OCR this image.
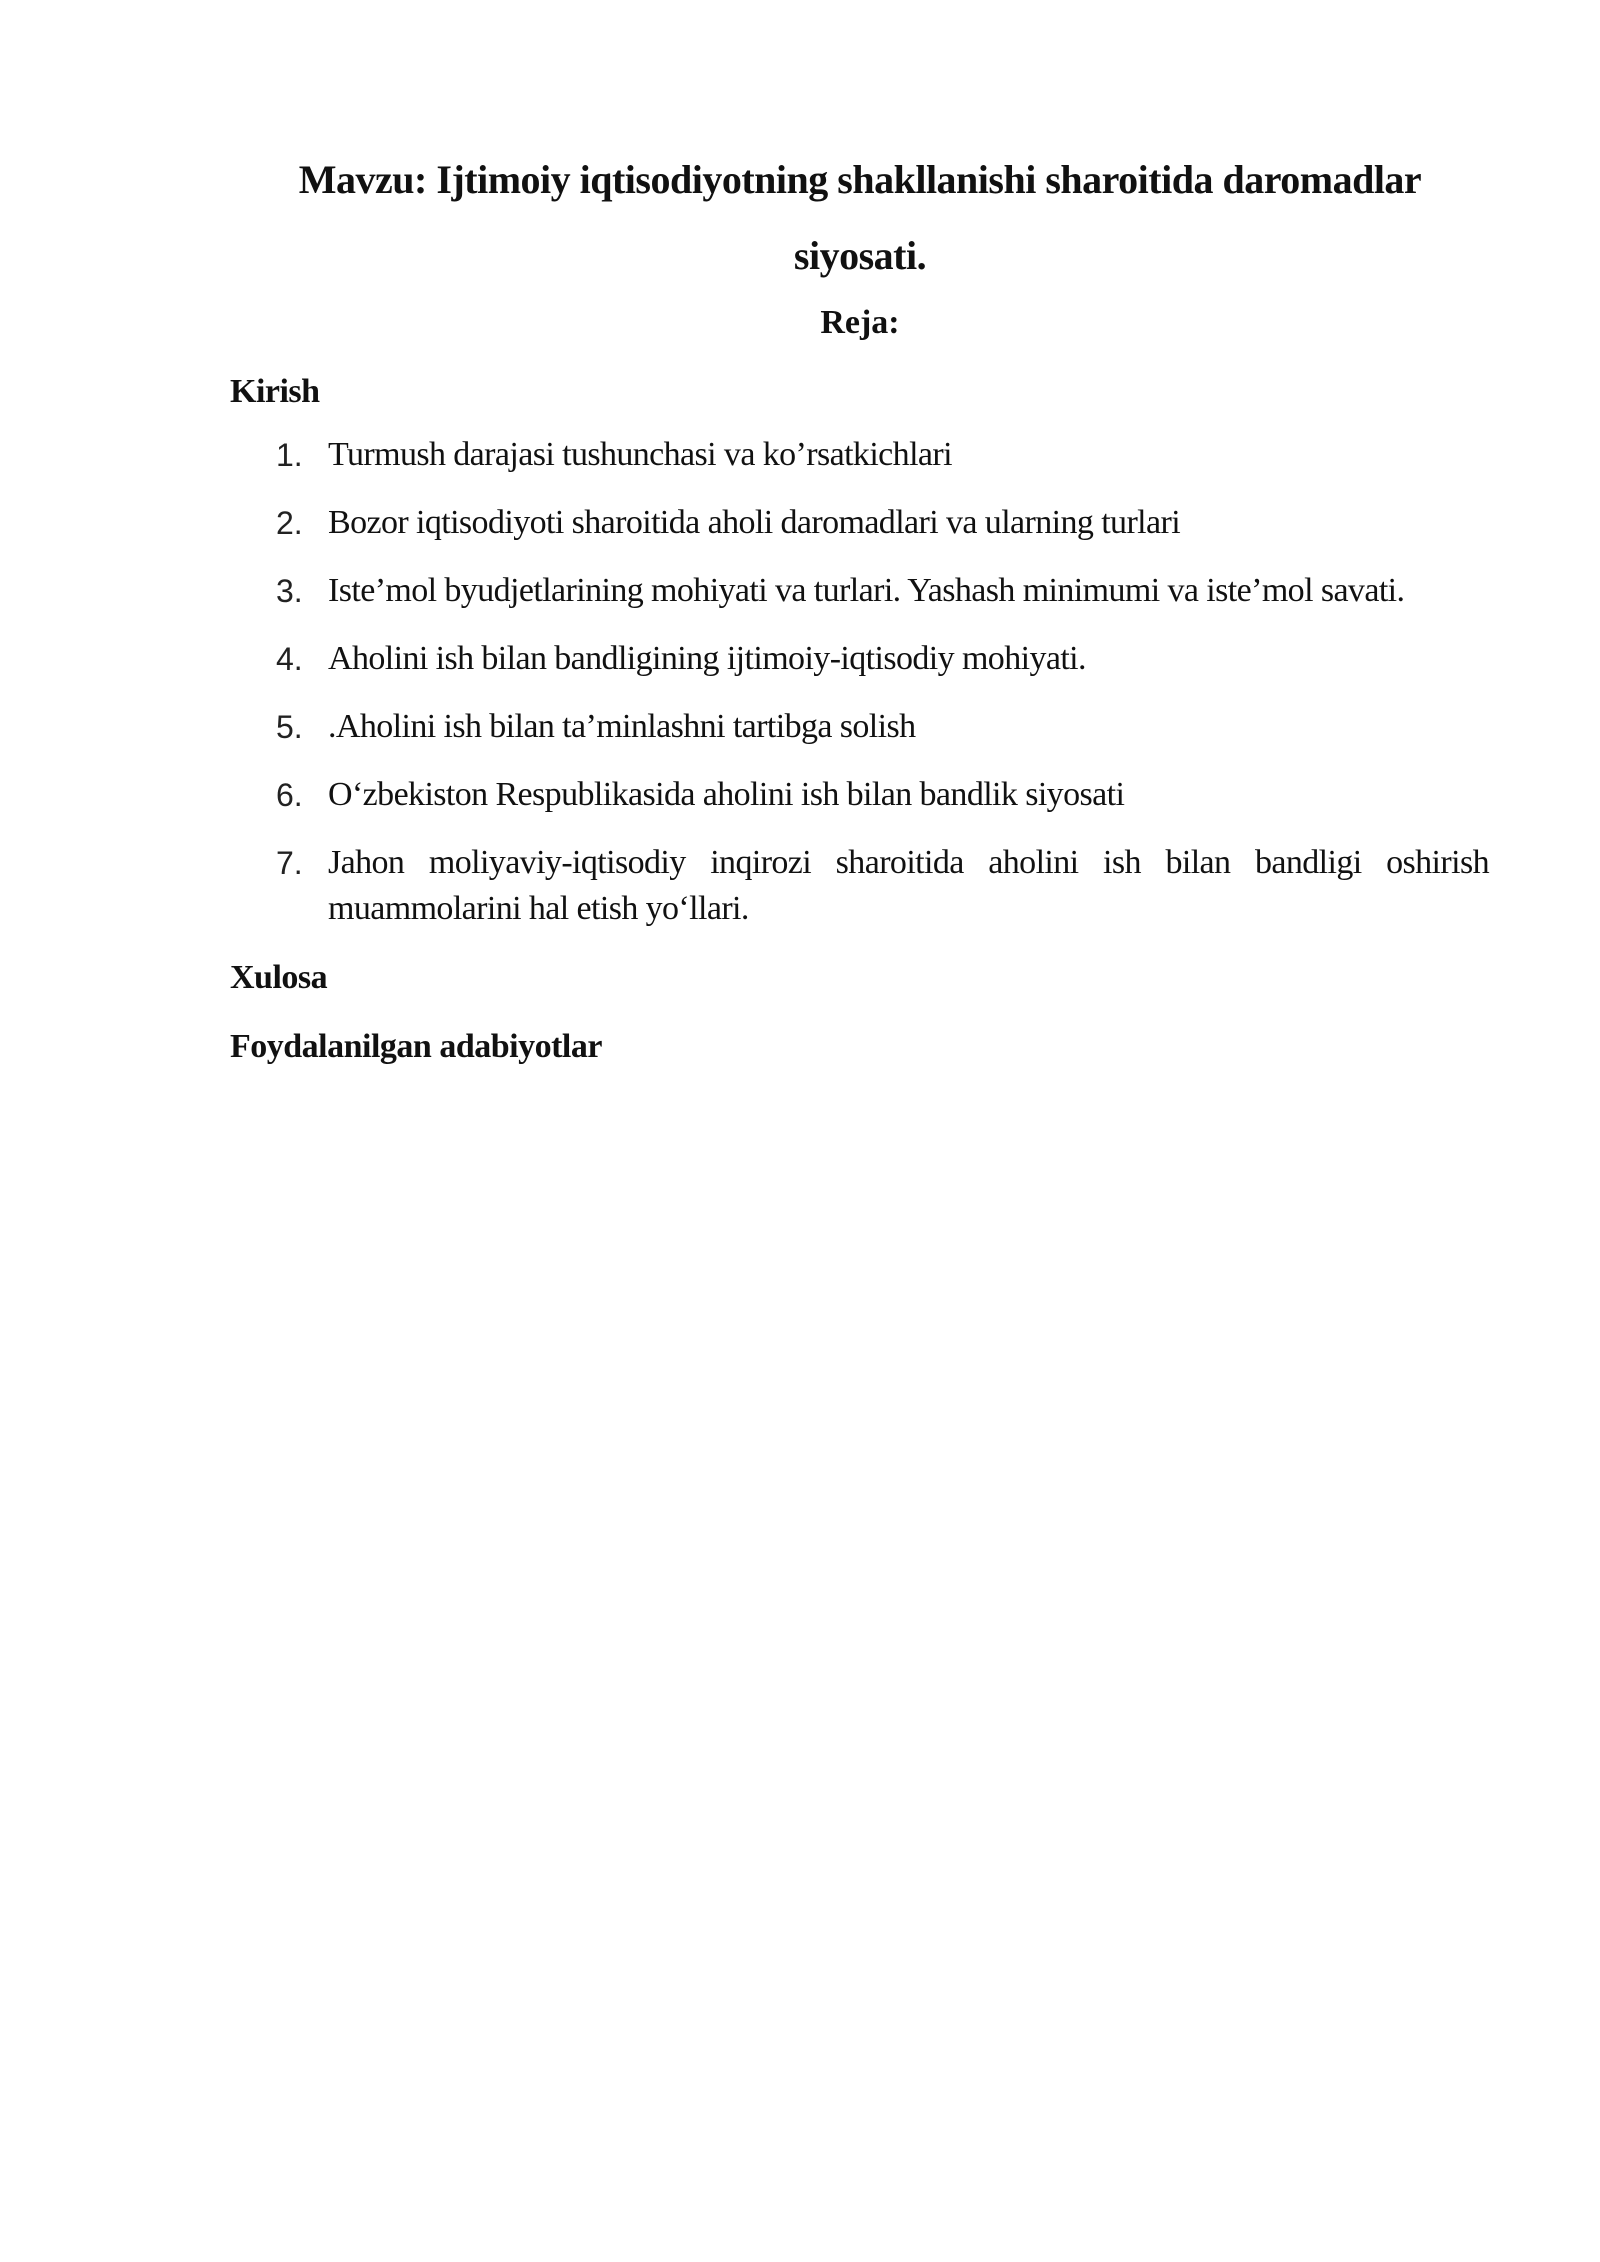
Mavzu: Ijtimoiy iqtisodiyotning shakllanishi sharoitida daromadlar
siyosati.
Reja:
Kirish
1. Turmush darajasi tushunchasi va ko’rsatkichlari
2. Bozor iqtisodiyoti sharoitida aholi daromadlari va ularning turlari
3. Iste’mol byudjetlarining mohiyati va turlari. Yashash minimumi va iste’mol savati.
4. Aholini ish bilan bandligining ijtimoiy-iqtisodiy mohiyati.
5. .Aholini ish bilan ta’minlashni tartibga solish
6. O‘zbekiston Respublikasida aholini ish bilan bandlik siyosati
7. Jahon moliyaviy-iqtisodiy inqirozi sharoitida aholini ish bilan bandligi oshirish muammolarini hal etish yo‘llari.
Xulosa
Foydalanilgan adabiyotlar
